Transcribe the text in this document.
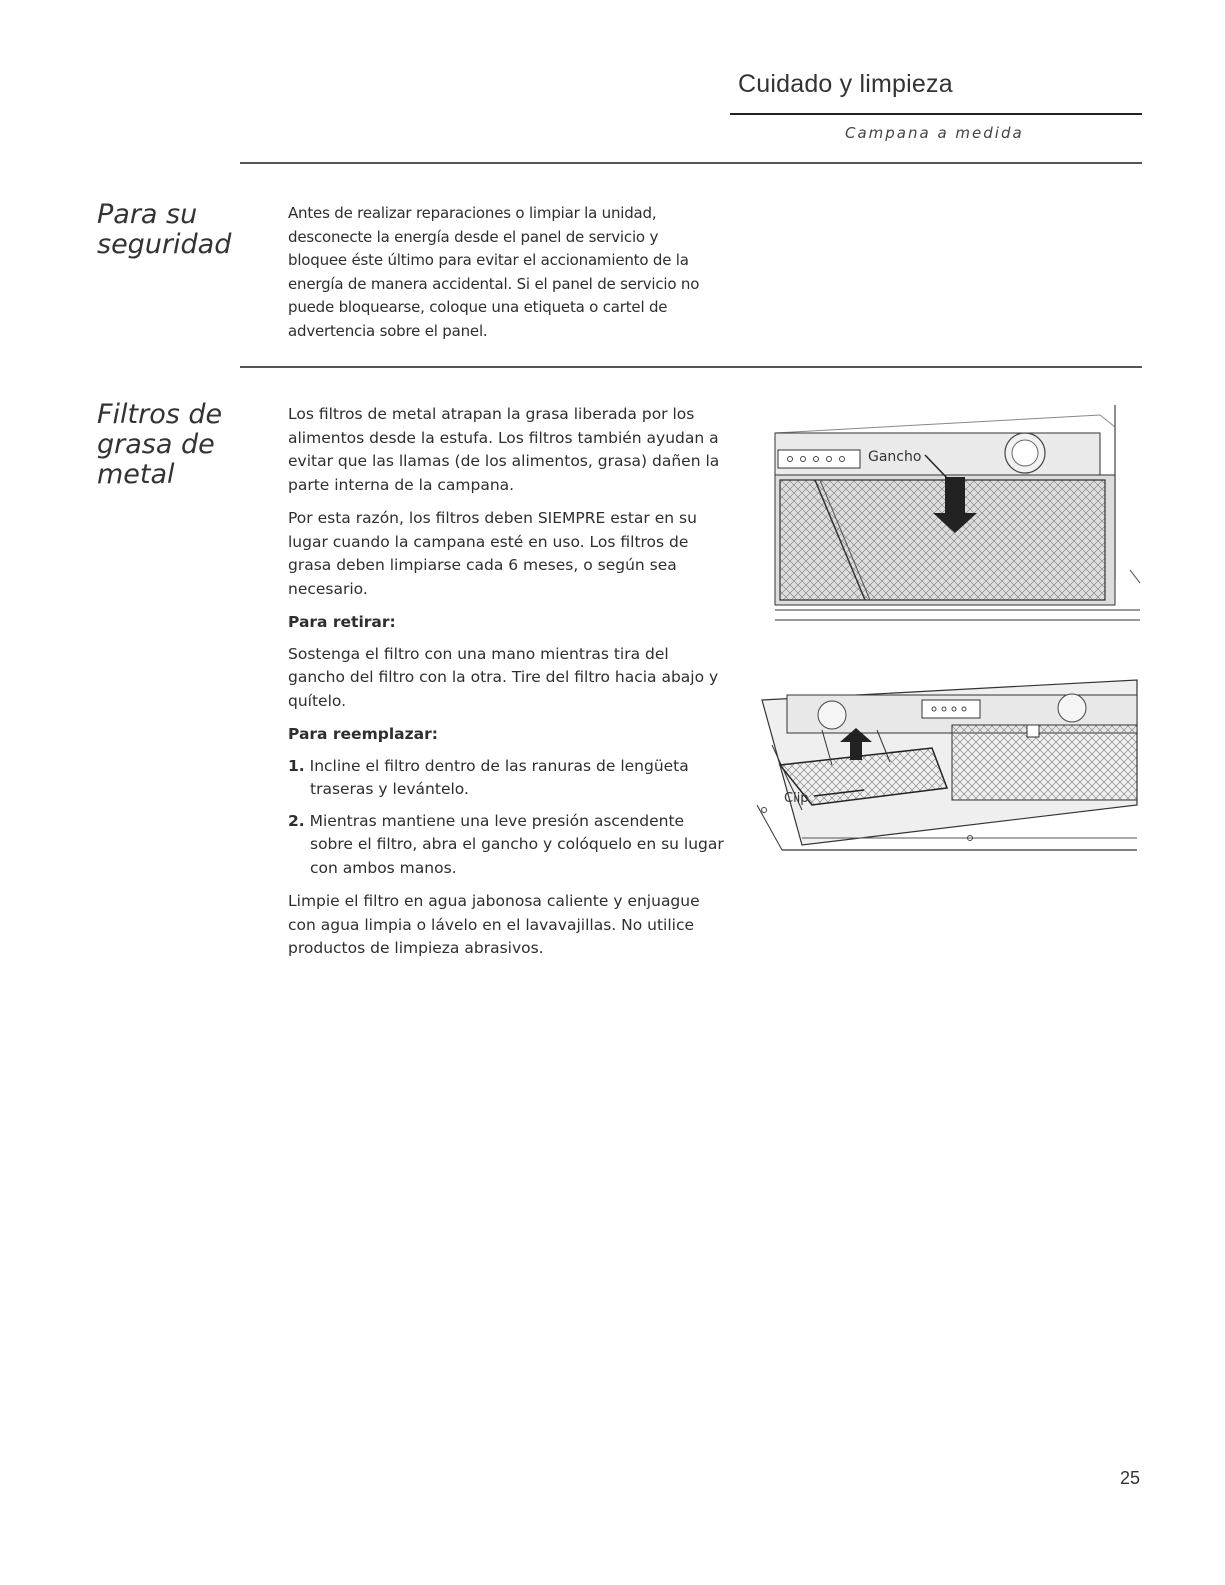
Cuidado y limpieza
Campana a medida
Para su
seguridad
Antes de realizar reparaciones o limpiar la unidad, desconecte la energía desde el panel de servicio y bloquee éste último para evitar el accionamiento de la energía de manera accidental. Si el panel de servicio no puede bloquearse, coloque una etiqueta o cartel de advertencia sobre el panel.
Filtros de
grasa de
metal

Los filtros de metal atrapan la grasa liberada por los alimentos desde la estufa. Los filtros también ayudan a evitar que las llamas (de los alimentos, grasa) dañen la parte interna de la campana.

Por esta razón, los filtros deben SIEMPRE estar en su lugar cuando la campana esté en uso. Los filtros de grasa deben limpiarse cada 6 meses, o según sea necesario.

Para retirar:

Sostenga el filtro con una mano mientras tira del gancho del filtro con la otra. Tire del filtro hacia abajo y quítelo.

Para reemplazar:
1. Incline el filtro dentro de las ranuras de lengüeta traseras y levántelo.
2. Mientras mantiene una leve presión ascendente sobre el filtro, abra el gancho y colóquelo en su lugar con ambos manos.

Limpie el filtro en agua jabonosa caliente y enjuague con agua limpia o lávelo en el lavavajillas. No utilice productos de limpieza abrasivos.

Gancho
Clip
25
